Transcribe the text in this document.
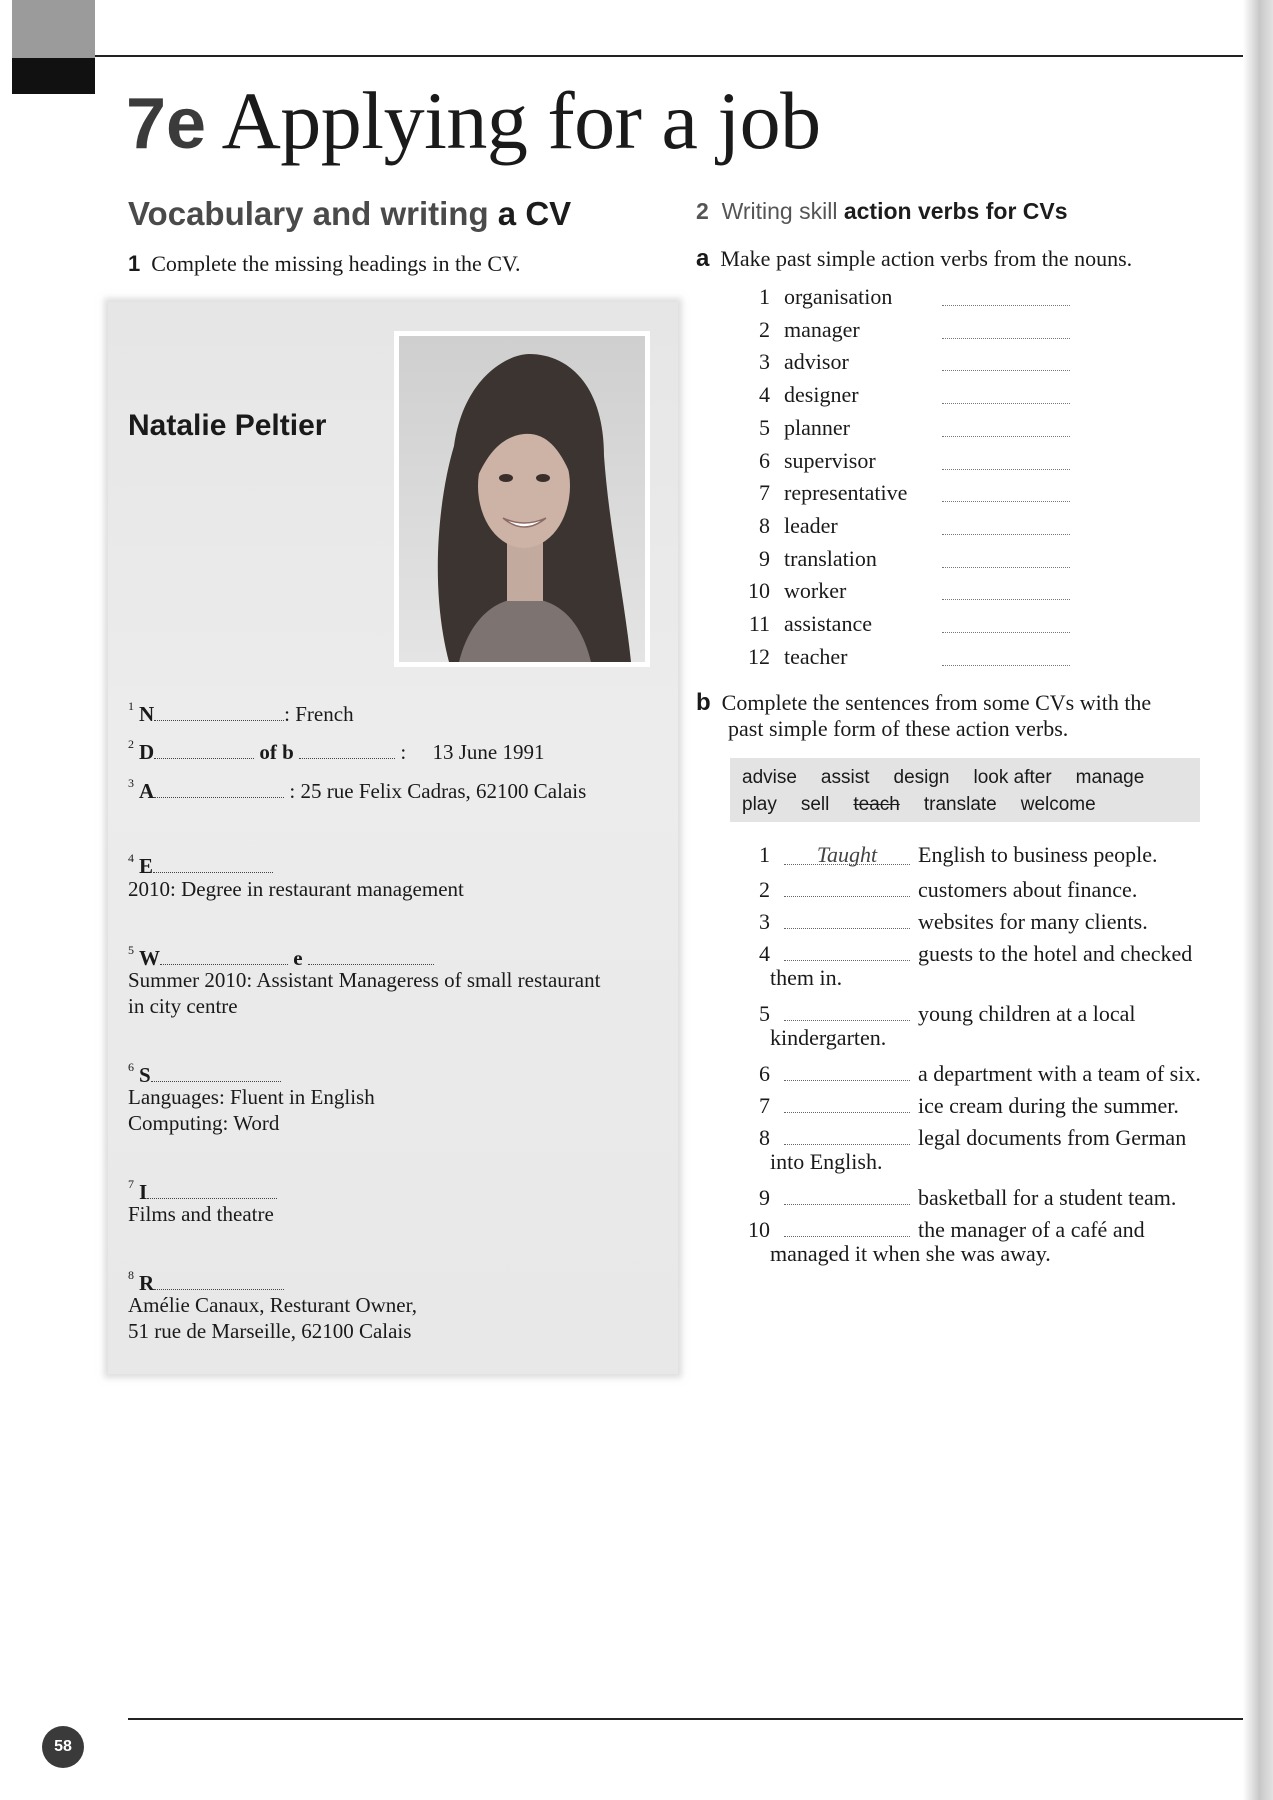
7e Applying for a job
Vocabulary and writing a CV
1 Complete the missing headings in the CV.
Natalie Peltier
$^1$ N	: French
$^2$ D	of b	: 13 June 1991
$^3$ A	: 25 rue Felix Cadras, 62100 Calais
$^4$ E
2010: Degree in restaurant management
$^5$ W	e
Summer 2010: Assistant Manageress of small restaurant
in city centre
$^6$ S
Languages: Fluent in English
Computing: Word
$^7$ I
Films and theatre
$^8$ R
Amélie Canaux, Resturant Owner,
51 rue de Marseille, 62100 Calais
2 Writing skill action verbs for CVs
a Make past simple action verbs from the nouns.
1 organisation
2 manager
3 advisor
4 designer
5 planner
6 supervisor
7 representative
8 leader
9 translation
10 worker
11 assistance
12 teacher
b Complete the sentences from some CVs with the
past simple form of these action verbs.
advise assist design look after manage
play sell teach translate welcome
1 Taught English to business people.
2	customers about finance.
3	websites for many clients.
4	guests to the hotel and checked
them in.
5	young children at a local
kindergarten.
6	a department with a team of six.
7	ice cream during the summer.
8	legal documents from German
into English.
9	basketball for a student team.
10	the manager of a café and
managed it when she was away.
58
